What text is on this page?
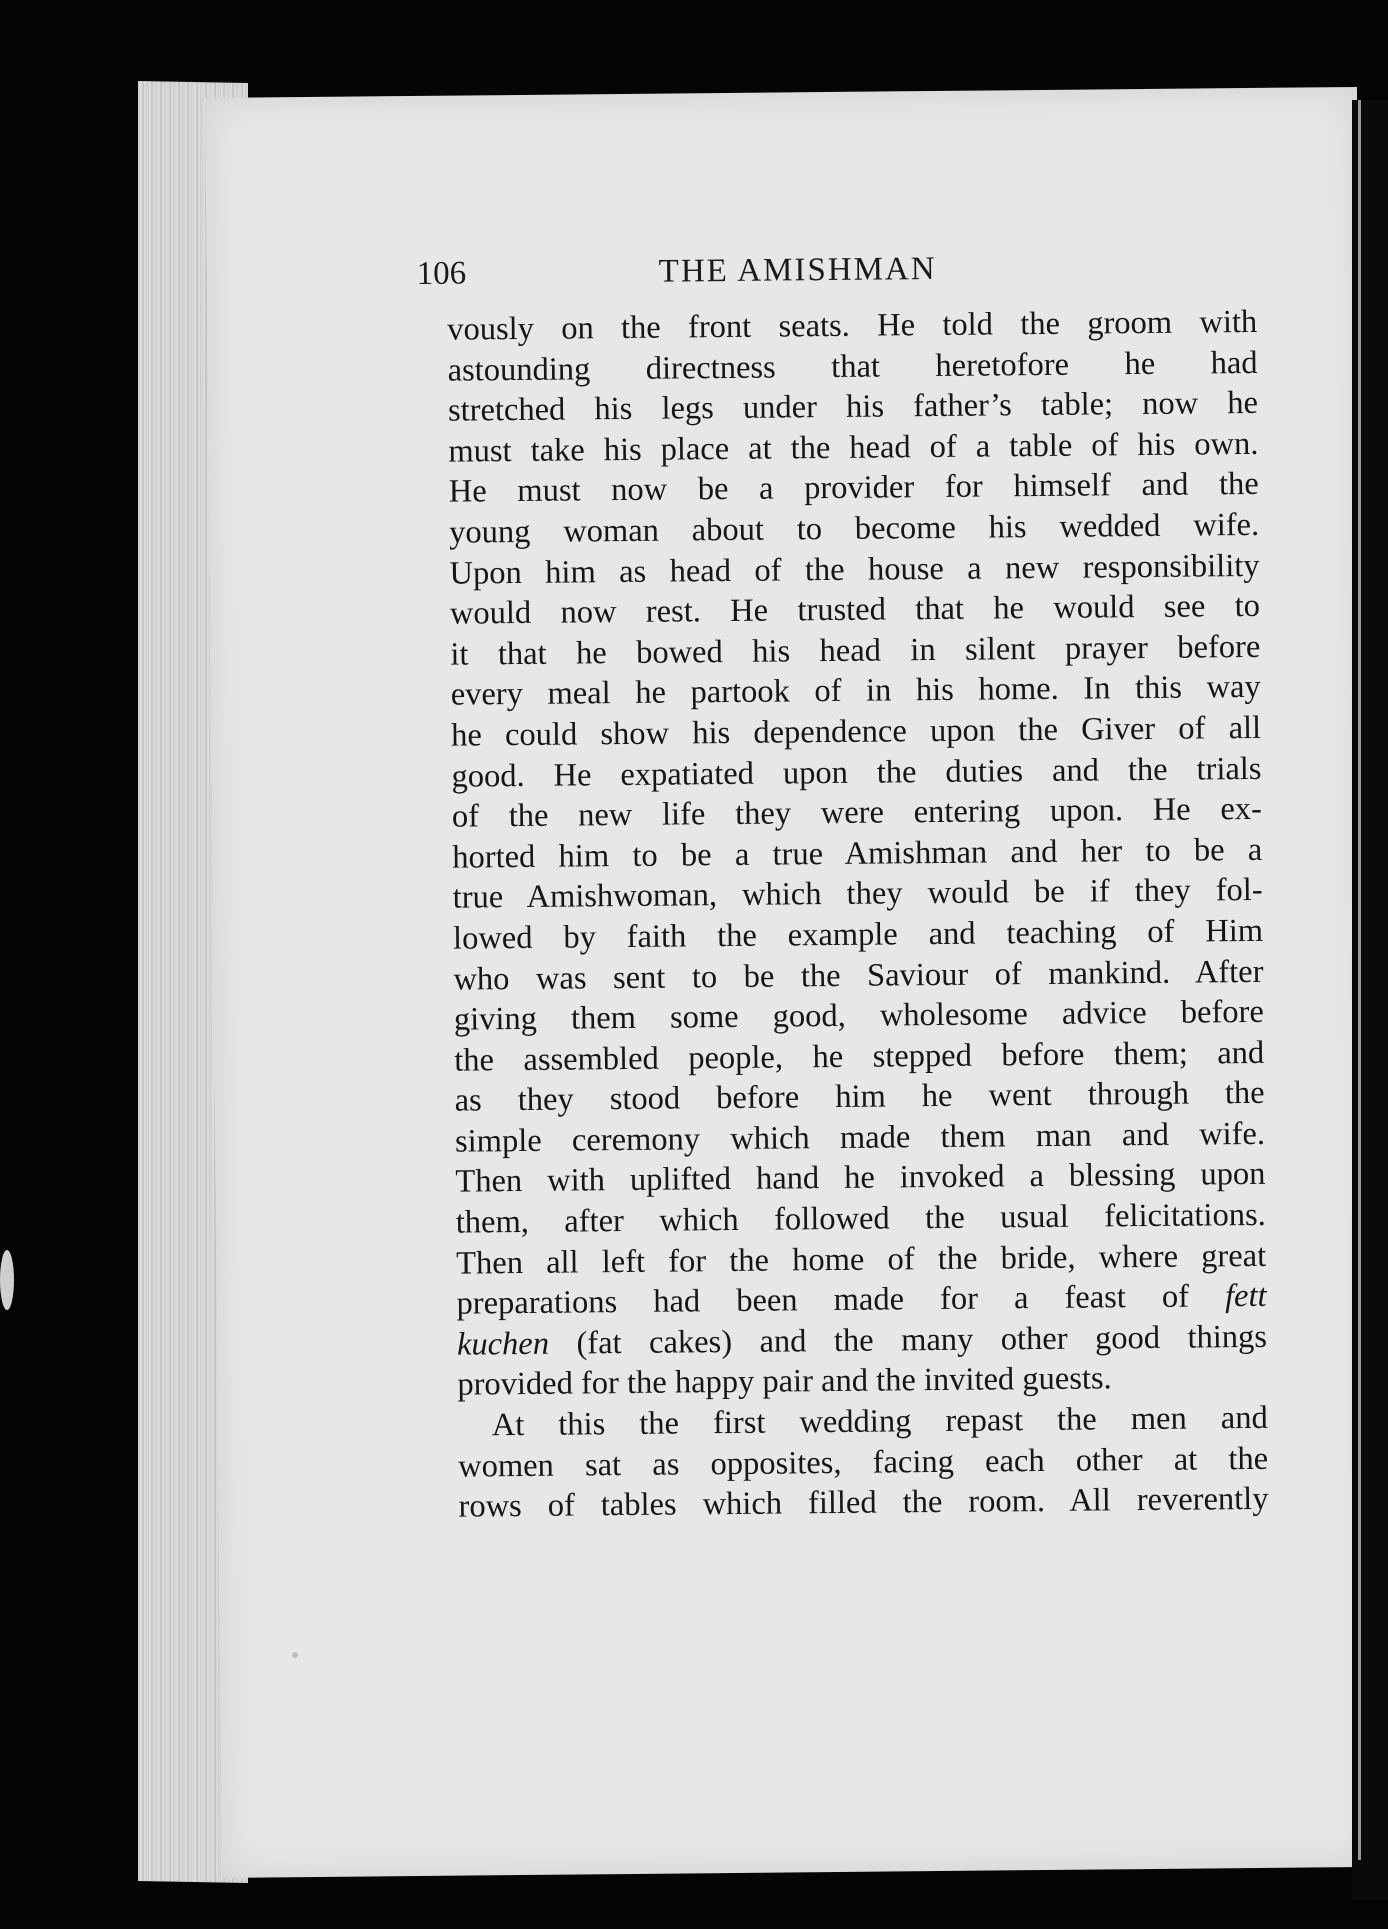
106	THE AMISHMAN
vously on the front seats. He told the groom with
astounding directness that heretofore he had
stretched his legs under his father’s table; now he
must take his place at the head of a table of his own.
He must now be a provider for himself and the
young woman about to become his wedded wife.
Upon him as head of the house a new responsibility
would now rest. He trusted that he would see to
it that he bowed his head in silent prayer before
every meal he partook of in his home. In this way
he could show his dependence upon the Giver of all
good. He expatiated upon the duties and the trials
of the new life they were entering upon. He ex-
horted him to be a true Amishman and her to be a
true Amishwoman, which they would be if they fol-
lowed by faith the example and teaching of Him
who was sent to be the Saviour of mankind. After
giving them some good, wholesome advice before
the assembled people, he stepped before them; and
as they stood before him he went through the
simple ceremony which made them man and wife.
Then with uplifted hand he invoked a blessing upon
them, after which followed the usual felicitations.
Then all left for the home of the bride, where great
preparations had been made for a feast of fett
kuchen (fat cakes) and the many other good things
provided for the happy pair and the invited guests.
At this the first wedding repast the men and
women sat as opposites, facing each other at the
rows of tables which filled the room. All reverently
